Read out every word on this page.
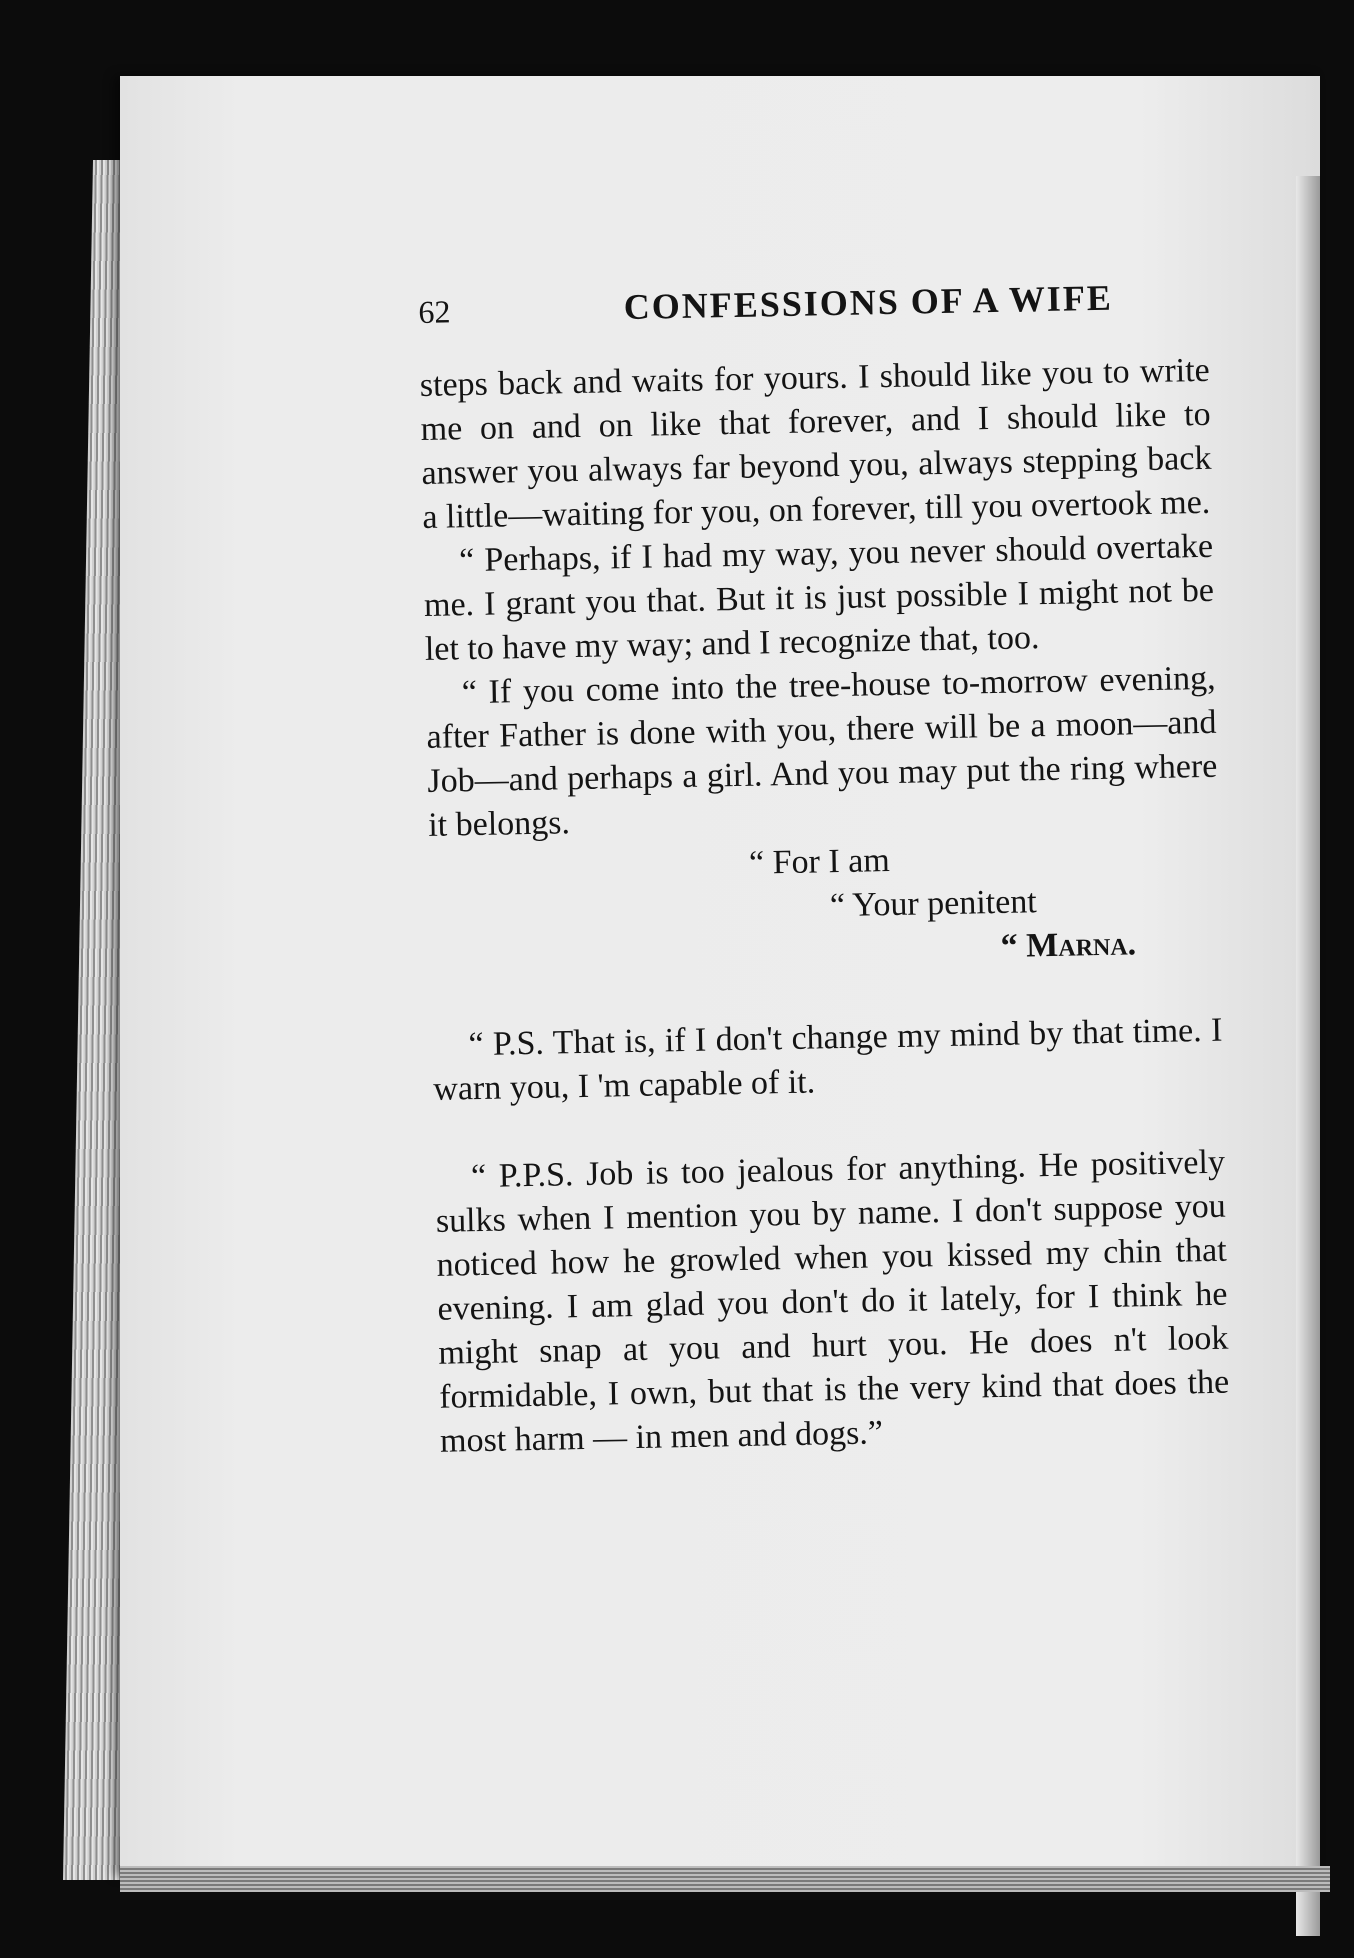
62	CONFESSIONS OF A WIFE

steps back and waits for yours. I should like you to write me on and on like that forever, and I should like to answer you always far beyond you, always stepping back a little—waiting for you, on forever, till you overtook me.

“ Perhaps, if I had my way, you never should overtake me. I grant you that. But it is just possible I might not be let to have my way; and I recognize that, too.

“ If you come into the tree-house to-morrow evening, after Father is done with you, there will be a moon—and Job—and perhaps a girl. And you may put the ring where it belongs.

“ For I am
“ Your penitent
“ Marna.

“ P.S. That is, if I don't change my mind by that time. I warn you, I 'm capable of it.

“ P.P.S. Job is too jealous for anything. He positively sulks when I mention you by name. I don't suppose you noticed how he growled when you kissed my chin that evening. I am glad you don't do it lately, for I think he might snap at you and hurt you. He does n't look formidable, I own, but that is the very kind that does the most harm — in men and dogs.”
